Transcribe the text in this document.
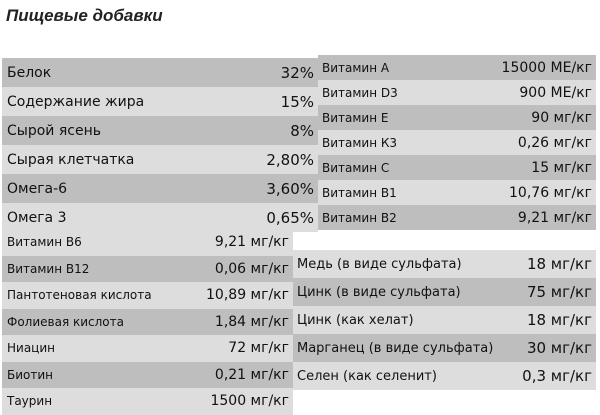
Пищевые добавки
Белок	32%
Содержание жира	15%
Сырой ясень	8%
Сырая клетчатка	2,80%
Омега-6	3,60%
Омега 3	0,65%
Витамин А	15000 МЕ/кг
Витамин D3	900 МЕ/кг
Витамин Е	90 мг/кг
Витамин К3	0,26 мг/кг
Витамин С	15 мг/кг
Витамин В1	10,76 мг/кг
Витамин В2	9,21 мг/кг
Витамин В6	9,21 мг/кг
Витамин В12	0,06 мг/кг
Пантотеновая кислота	10,89 мг/кг
Фолиевая кислота	1,84 мг/кг
Ниацин	72 мг/кг
Биотин	0,21 мг/кг
Таурин	1500 мг/кг
Медь (в виде сульфата)	18 мг/кг
Цинк (в виде сульфата)	75 мг/кг
Цинк (как хелат)	18 мг/кг
Марганец (в виде сульфата) 30 мг/кг
Селен (как селенит)	0,3 мг/кг
